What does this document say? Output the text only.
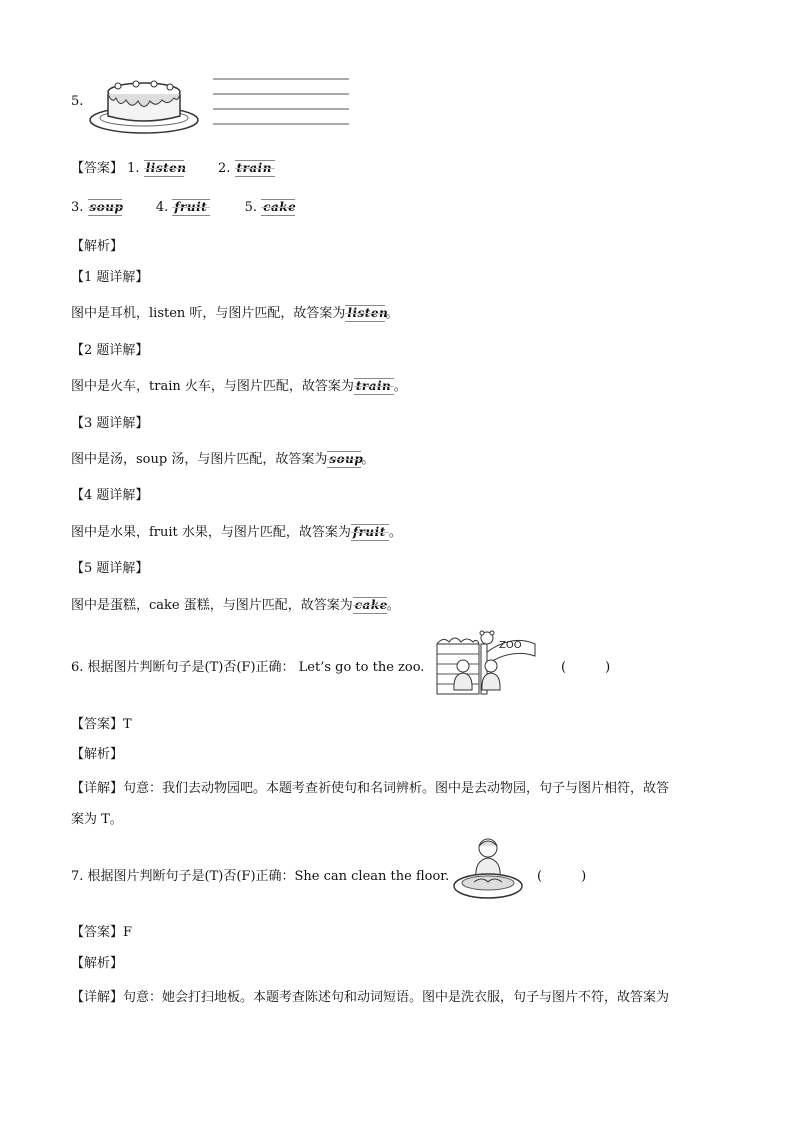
5.
【答案】 1. listen 2. train
3. soup 4. fruit	5. cake
【解析】
【1 题详解】
图中是耳机，listen 听，与图片匹配，故答案为 listen。
【2 题详解】
图中是火车，train 火车，与图片匹配，故答案为 train 。
【3 题详解】
图中是汤，soup 汤，与图片匹配，故答案为 soup。
【4 题详解】
图中是水果，fruit 水果，与图片匹配，故答案为 fruit 。
【5 题详解】
图中是蛋糕，cake 蛋糕，与图片匹配，故答案为 cake。
6. 根据图片判断句子是(T)否(F)正确： Let’s go to the zoo.
ZOO
(　　　)
【答案】T
【解析】
【详解】句意：我们去动物园吧。本题考查祈使句和名词辨析。图中是去动物园，句子与图片相符，故答
案为 T。
7. 根据图片判断句子是(T)否(F)正确：She can clean the floor.	(　　　)
【答案】F
【解析】
【详解】句意：她会打扫地板。本题考查陈述句和动词短语。图中是洗衣服，句子与图片不符，故答案为
